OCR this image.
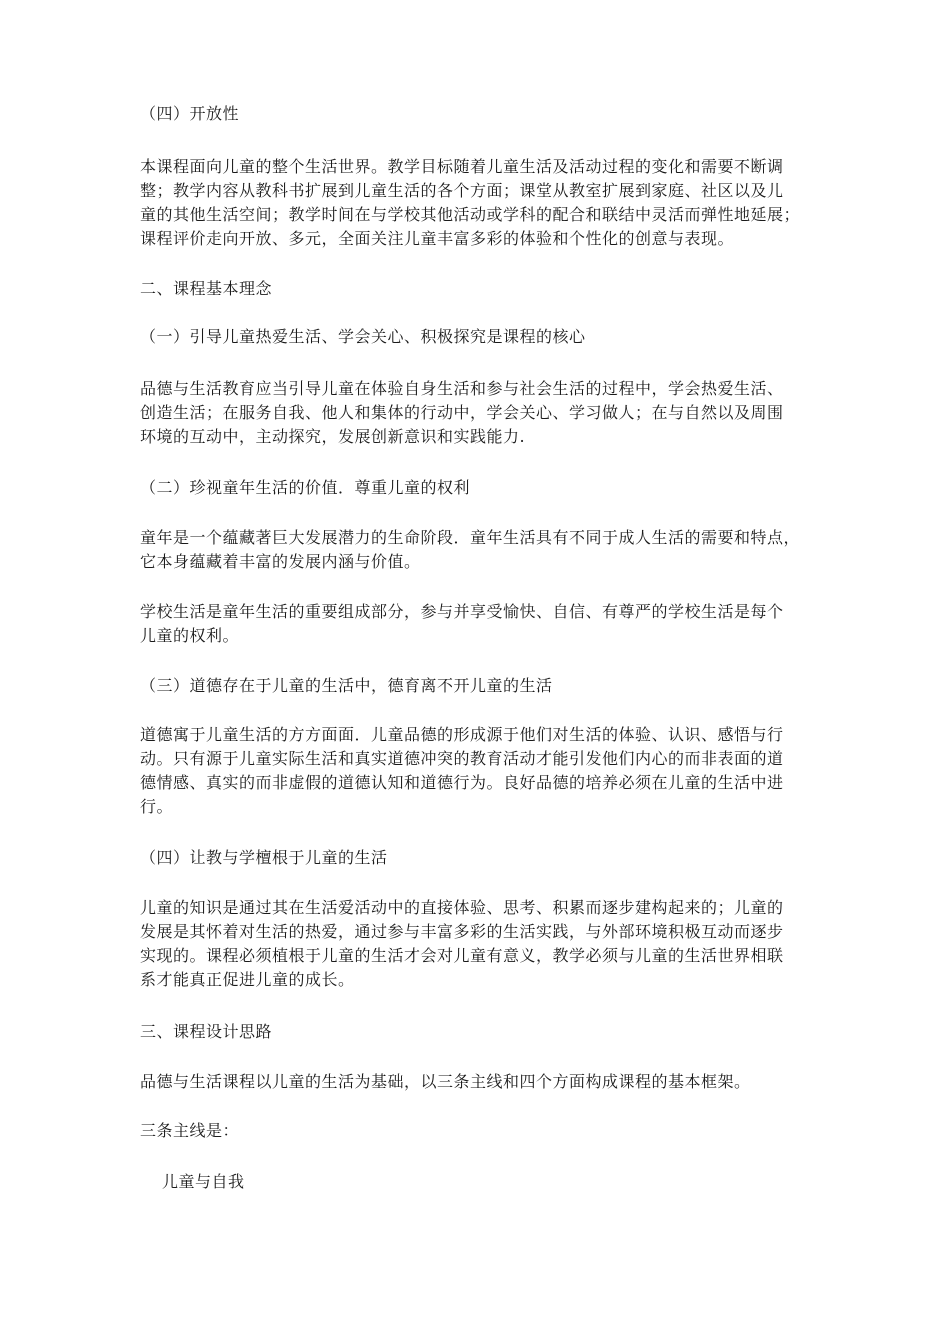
（四）开放性
本课程面向儿童的整个生活世界。教学目标随着儿童生活及活动过程的变化和需要不断调
整；教学内容从教科书扩展到儿童生活的各个方面；课堂从教室扩展到家庭、社区以及儿
童的其他生活空间；教学时间在与学校其他活动或学科的配合和联结中灵活而弹性地延展；
课程评价走向开放、多元，全面关注儿童丰富多彩的体验和个性化的创意与表现。
二、课程基本理念
（一）引导儿童热爱生活、学会关心、积极探究是课程的核心
品德与生活教育应当引导儿童在体验自身生活和参与社会生活的过程中，学会热爱生活、
创造生活；在服务自我、他人和集体的行动中，学会关心、学习做人；在与自然以及周围
环境的互动中，主动探究，发展创新意识和实践能力.
（二）珍视童年生活的价值．尊重儿童的权利
童年是一个蕴藏著巨大发展潜力的生命阶段．童年生活具有不同于成人生活的需要和特点，
它本身蕴藏着丰富的发展内涵与价值。
学校生活是童年生活的重要组成部分，参与并享受愉快、自信、有尊严的学校生活是每个
儿童的权利。
（三）道德存在于儿童的生活中，德育离不开儿童的生活
道德寓于儿童生活的方方面面．儿童品德的形成源于他们对生活的体验、认识、感悟与行
动。只有源于儿童实际生活和真实道德冲突的教育活动才能引发他们内心的而非表面的道
德情感、真实的而非虚假的道德认知和道德行为。良好品德的培养必须在儿童的生活中进
行。
（四）让教与学檀根于儿童的生活
儿童的知识是通过其在生活爱活动中的直接体验、思考、积累而逐步建构起来的；儿童的
发展是其怀着对生活的热爱，通过参与丰富多彩的生活实践，与外部环境积极互动而逐步
实现的。课程必须植根于儿童的生活才会对儿童有意义，教学必须与儿童的生活世界相联
系才能真正促进儿童的成长。
三、课程设计思路
品德与生活课程以儿童的生活为基础，以三条主线和四个方面构成课程的基本框架。
三条主线是：
儿童与自我
